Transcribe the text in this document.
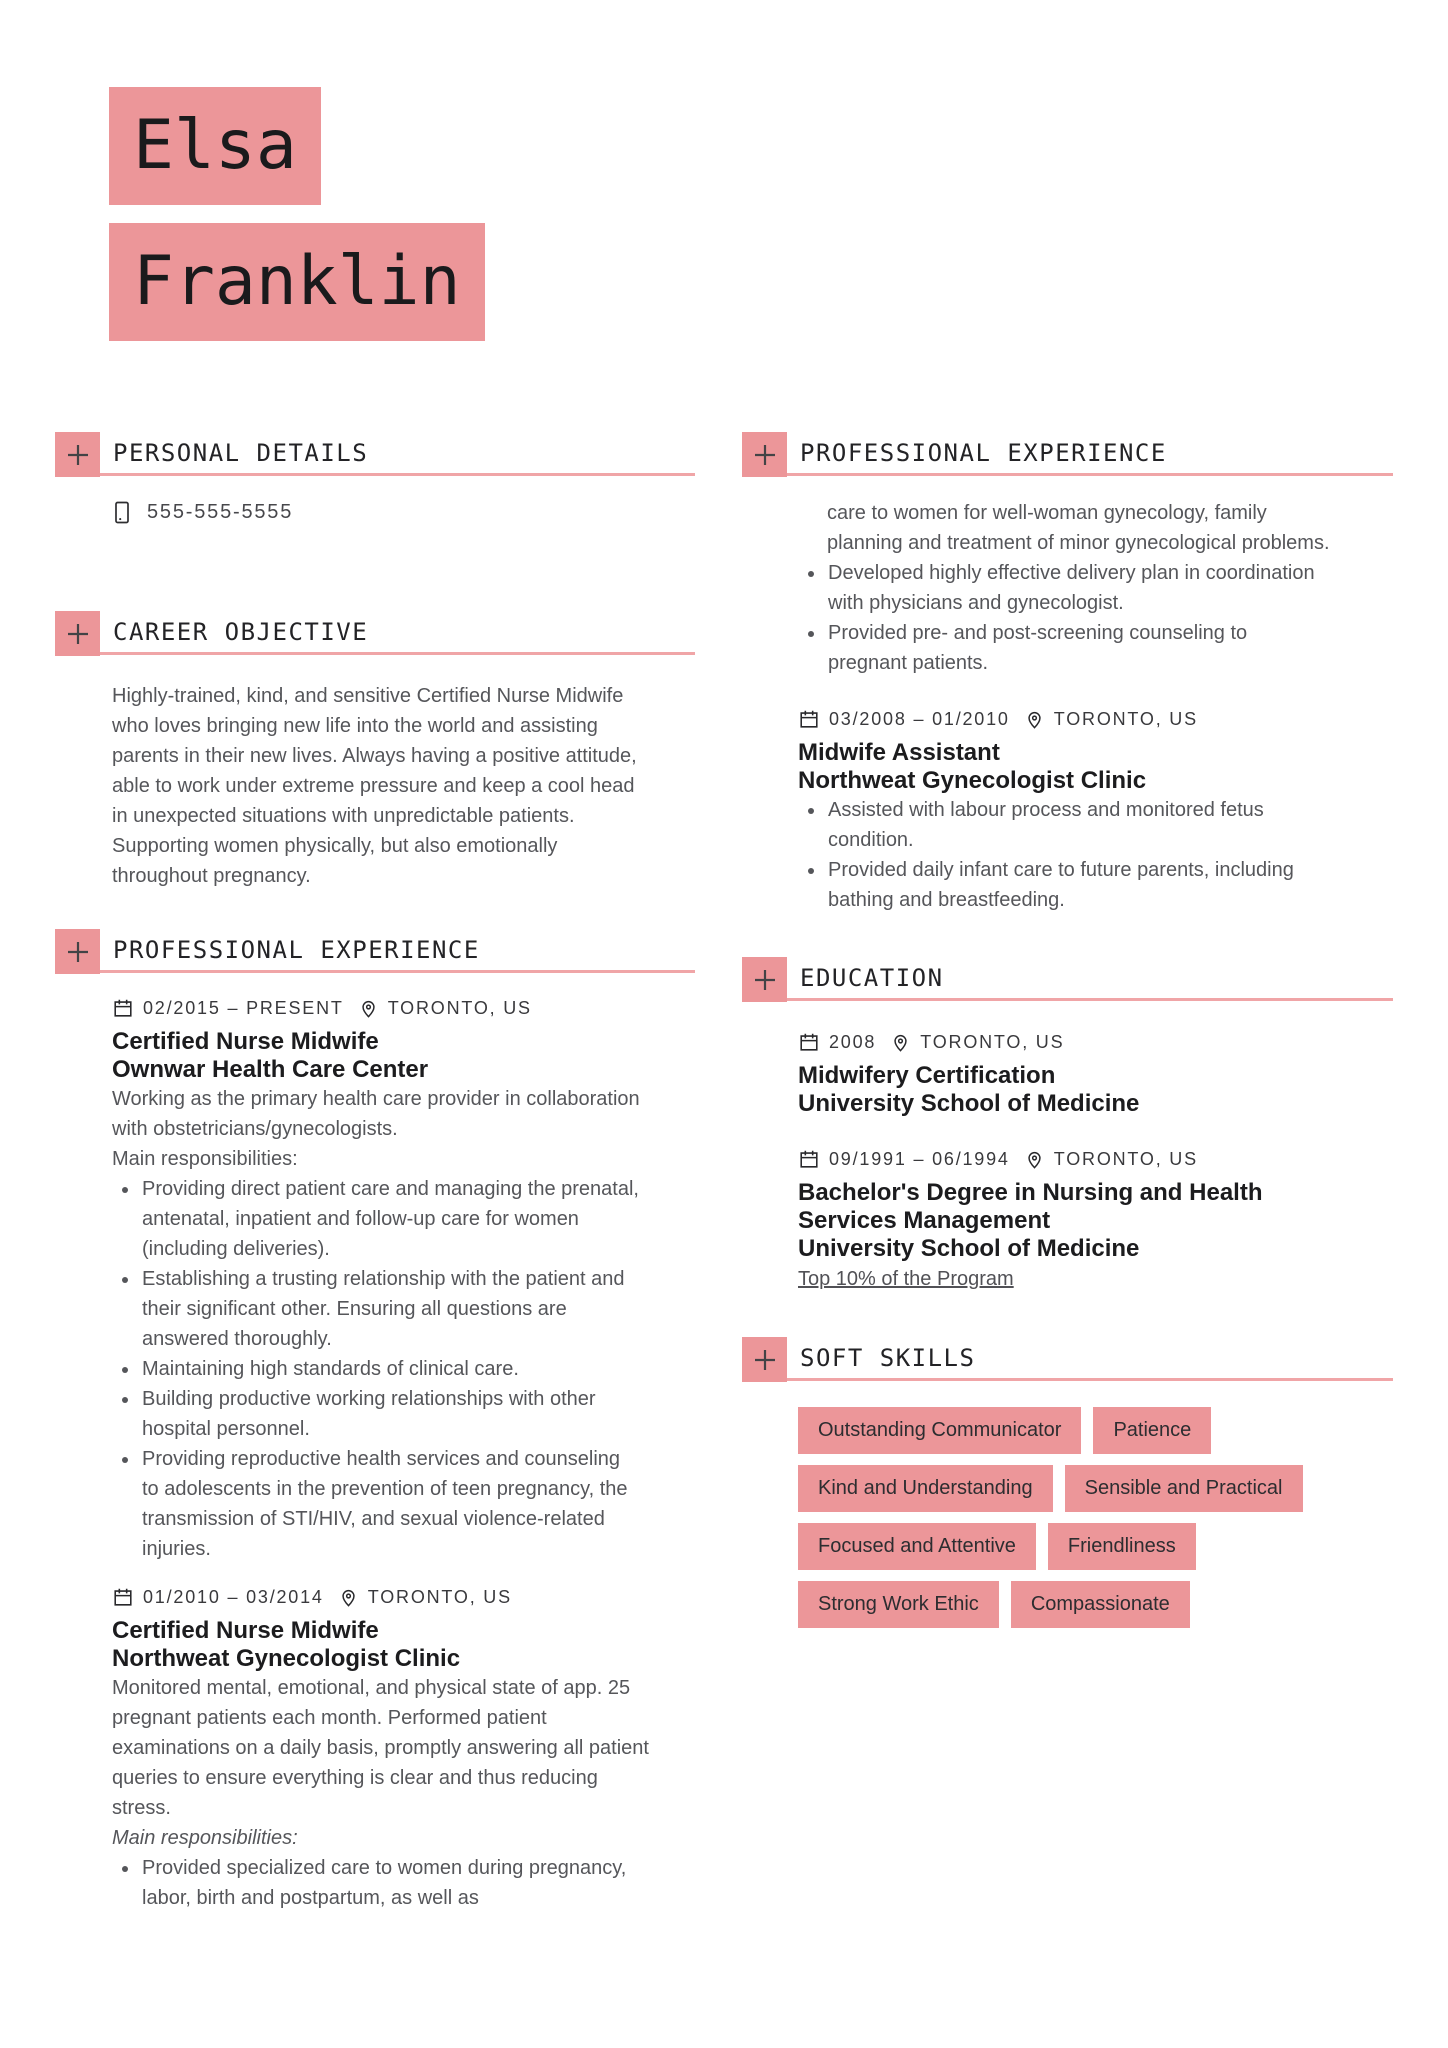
Elsa
Franklin
PERSONAL DETAILS
555-555-5555
CAREER OBJECTIVE

Highly-trained, kind, and sensitive Certified Nurse Midwife who loves bringing new life into the world and assisting parents in their new lives. Always having a positive attitude, able to work under extreme pressure and keep a cool head in unexpected situations with unpredictable patients. Supporting women physically, but also emotionally throughout pregnancy.

PROFESSIONAL EXPERIENCE
02/2015 – PRESENT TORONTO, US
Certified Nurse Midwife
Ownwar Health Care Center
Working as the primary health care provider in collaboration with obstetricians/gynecologists.
Main responsibilities:
• Providing direct patient care and managing the prenatal, antenatal, inpatient and follow-up care for women (including deliveries).
• Establishing a trusting relationship with the patient and their significant other. Ensuring all questions are answered thoroughly.
• Maintaining high standards of clinical care.
• Building productive working relationships with other hospital personnel.
• Providing reproductive health services and counseling to adolescents in the prevention of teen pregnancy, the transmission of STI/HIV, and sexual violence-related injuries.
01/2010 – 03/2014 TORONTO, US
Certified Nurse Midwife
Northweat Gynecologist Clinic
Monitored mental, emotional, and physical state of app. 25 pregnant patients each month. Performed patient examinations on a daily basis, promptly answering all patient queries to ensure everything is clear and thus reducing stress.
Main responsibilities:
• Provided specialized care to women during pregnancy, labor, birth and postpartum, as well as
PROFESSIONAL EXPERIENCE

care to women for well-woman gynecology, family planning and treatment of minor gynecological problems.

• Developed highly effective delivery plan in coordination with physicians and gynecologist.
• Provided pre- and post-screening counseling to pregnant patients.
03/2008 – 01/2010 TORONTO, US
Midwife Assistant
Northweat Gynecologist Clinic
• Assisted with labour process and monitored fetus condition.
• Provided daily infant care to future parents, including bathing and breastfeeding.
EDUCATION
2008 TORONTO, US
Midwifery Certification
University School of Medicine
09/1991 – 06/1994 TORONTO, US
Bachelor's Degree in Nursing and Health Services Management
University School of Medicine
Top 10% of the Program
SOFT SKILLS
Outstanding Communicator	Patience
Kind and Understanding	Sensible and Practical
Focused and Attentive	Friendliness
Strong Work Ethic	Compassionate
